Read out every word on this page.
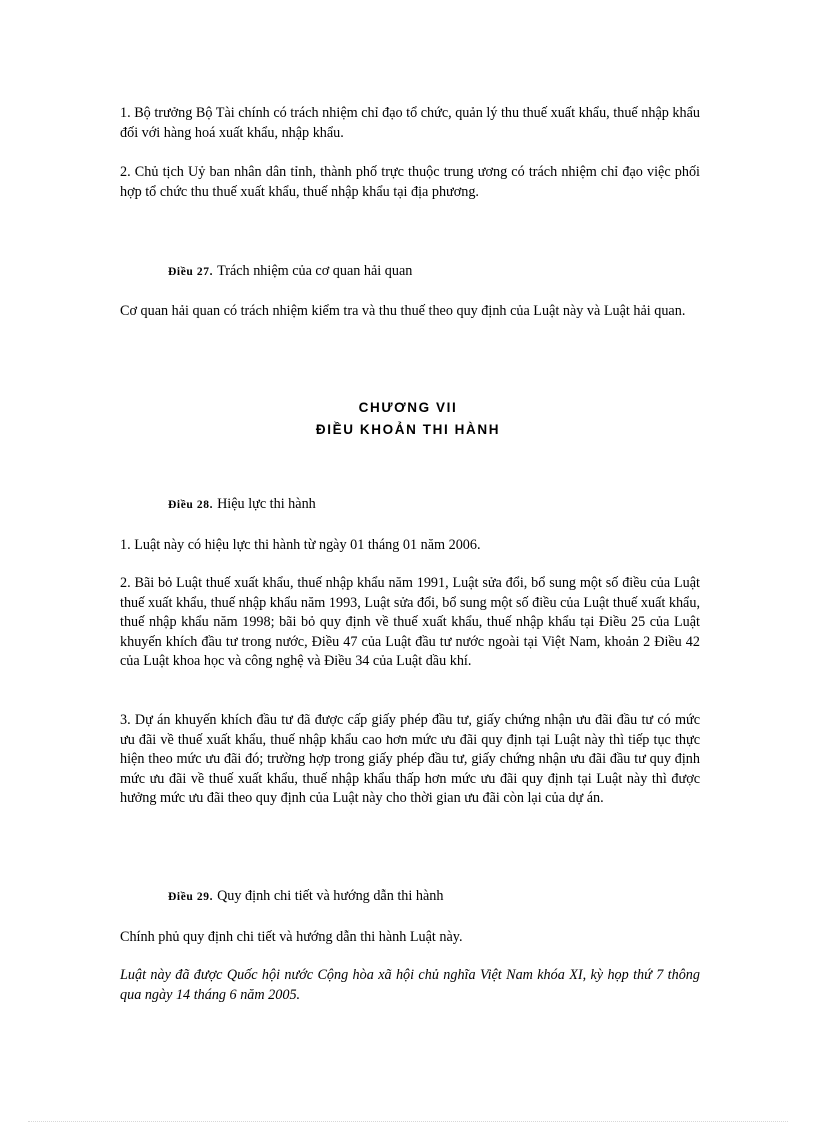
1. Bộ trưởng Bộ Tài chính có trách nhiệm chỉ đạo tổ chức, quản lý thu thuế xuất khẩu, thuế nhập khẩu đối với hàng hoá xuất khẩu, nhập khẩu.

2. Chủ tịch Uỷ ban nhân dân tỉnh, thành phố trực thuộc trung ương có trách nhiệm chỉ đạo việc phối hợp tổ chức thu thuế xuất khẩu, thuế nhập khẩu tại địa phương.

Điều 27. Trách nhiệm của cơ quan hải quan

Cơ quan hải quan có trách nhiệm kiểm tra và thu thuế theo quy định của Luật này và Luật hải quan.

CHƯƠNG VII
ĐIỀU KHOẢN THI HÀNH
Điều 28. Hiệu lực thi hành

1. Luật này có hiệu lực thi hành từ ngày 01 tháng 01 năm 2006.

2. Bãi bỏ Luật thuế xuất khẩu, thuế nhập khẩu năm 1991, Luật sửa đổi, bổ sung một số điều của Luật thuế xuất khẩu, thuế nhập khẩu năm 1993, Luật sửa đổi, bổ sung một số điều của Luật thuế xuất khẩu, thuế nhập khẩu năm 1998; bãi bỏ quy định về thuế xuất khẩu, thuế nhập khẩu tại Điều 25 của Luật khuyến khích đầu tư trong nước, Điều 47 của Luật đầu tư nước ngoài tại Việt Nam, khoản 2 Điều 42 của Luật khoa học và công nghệ và Điều 34 của Luật dầu khí.

3. Dự án khuyến khích đầu tư đã được cấp giấy phép đầu tư, giấy chứng nhận ưu đãi đầu tư có mức ưu đãi về thuế xuất khẩu, thuế nhập khẩu cao hơn mức ưu đãi quy định tại Luật này thì tiếp tục thực hiện theo mức ưu đãi đó; trường hợp trong giấy phép đầu tư, giấy chứng nhận ưu đãi đầu tư quy định mức ưu đãi về thuế xuất khẩu, thuế nhập khẩu thấp hơn mức ưu đãi quy định tại Luật này thì được hưởng mức ưu đãi theo quy định của Luật này cho thời gian ưu đãi còn lại của dự án.

Điều 29. Quy định chi tiết và hướng dẫn thi hành

Chính phủ quy định chi tiết và hướng dẫn thi hành Luật này.

Luật này đã được Quốc hội nước Cộng hòa xã hội chủ nghĩa Việt Nam khóa XI, kỳ họp thứ 7 thông qua ngày 14 tháng 6 năm 2005.
